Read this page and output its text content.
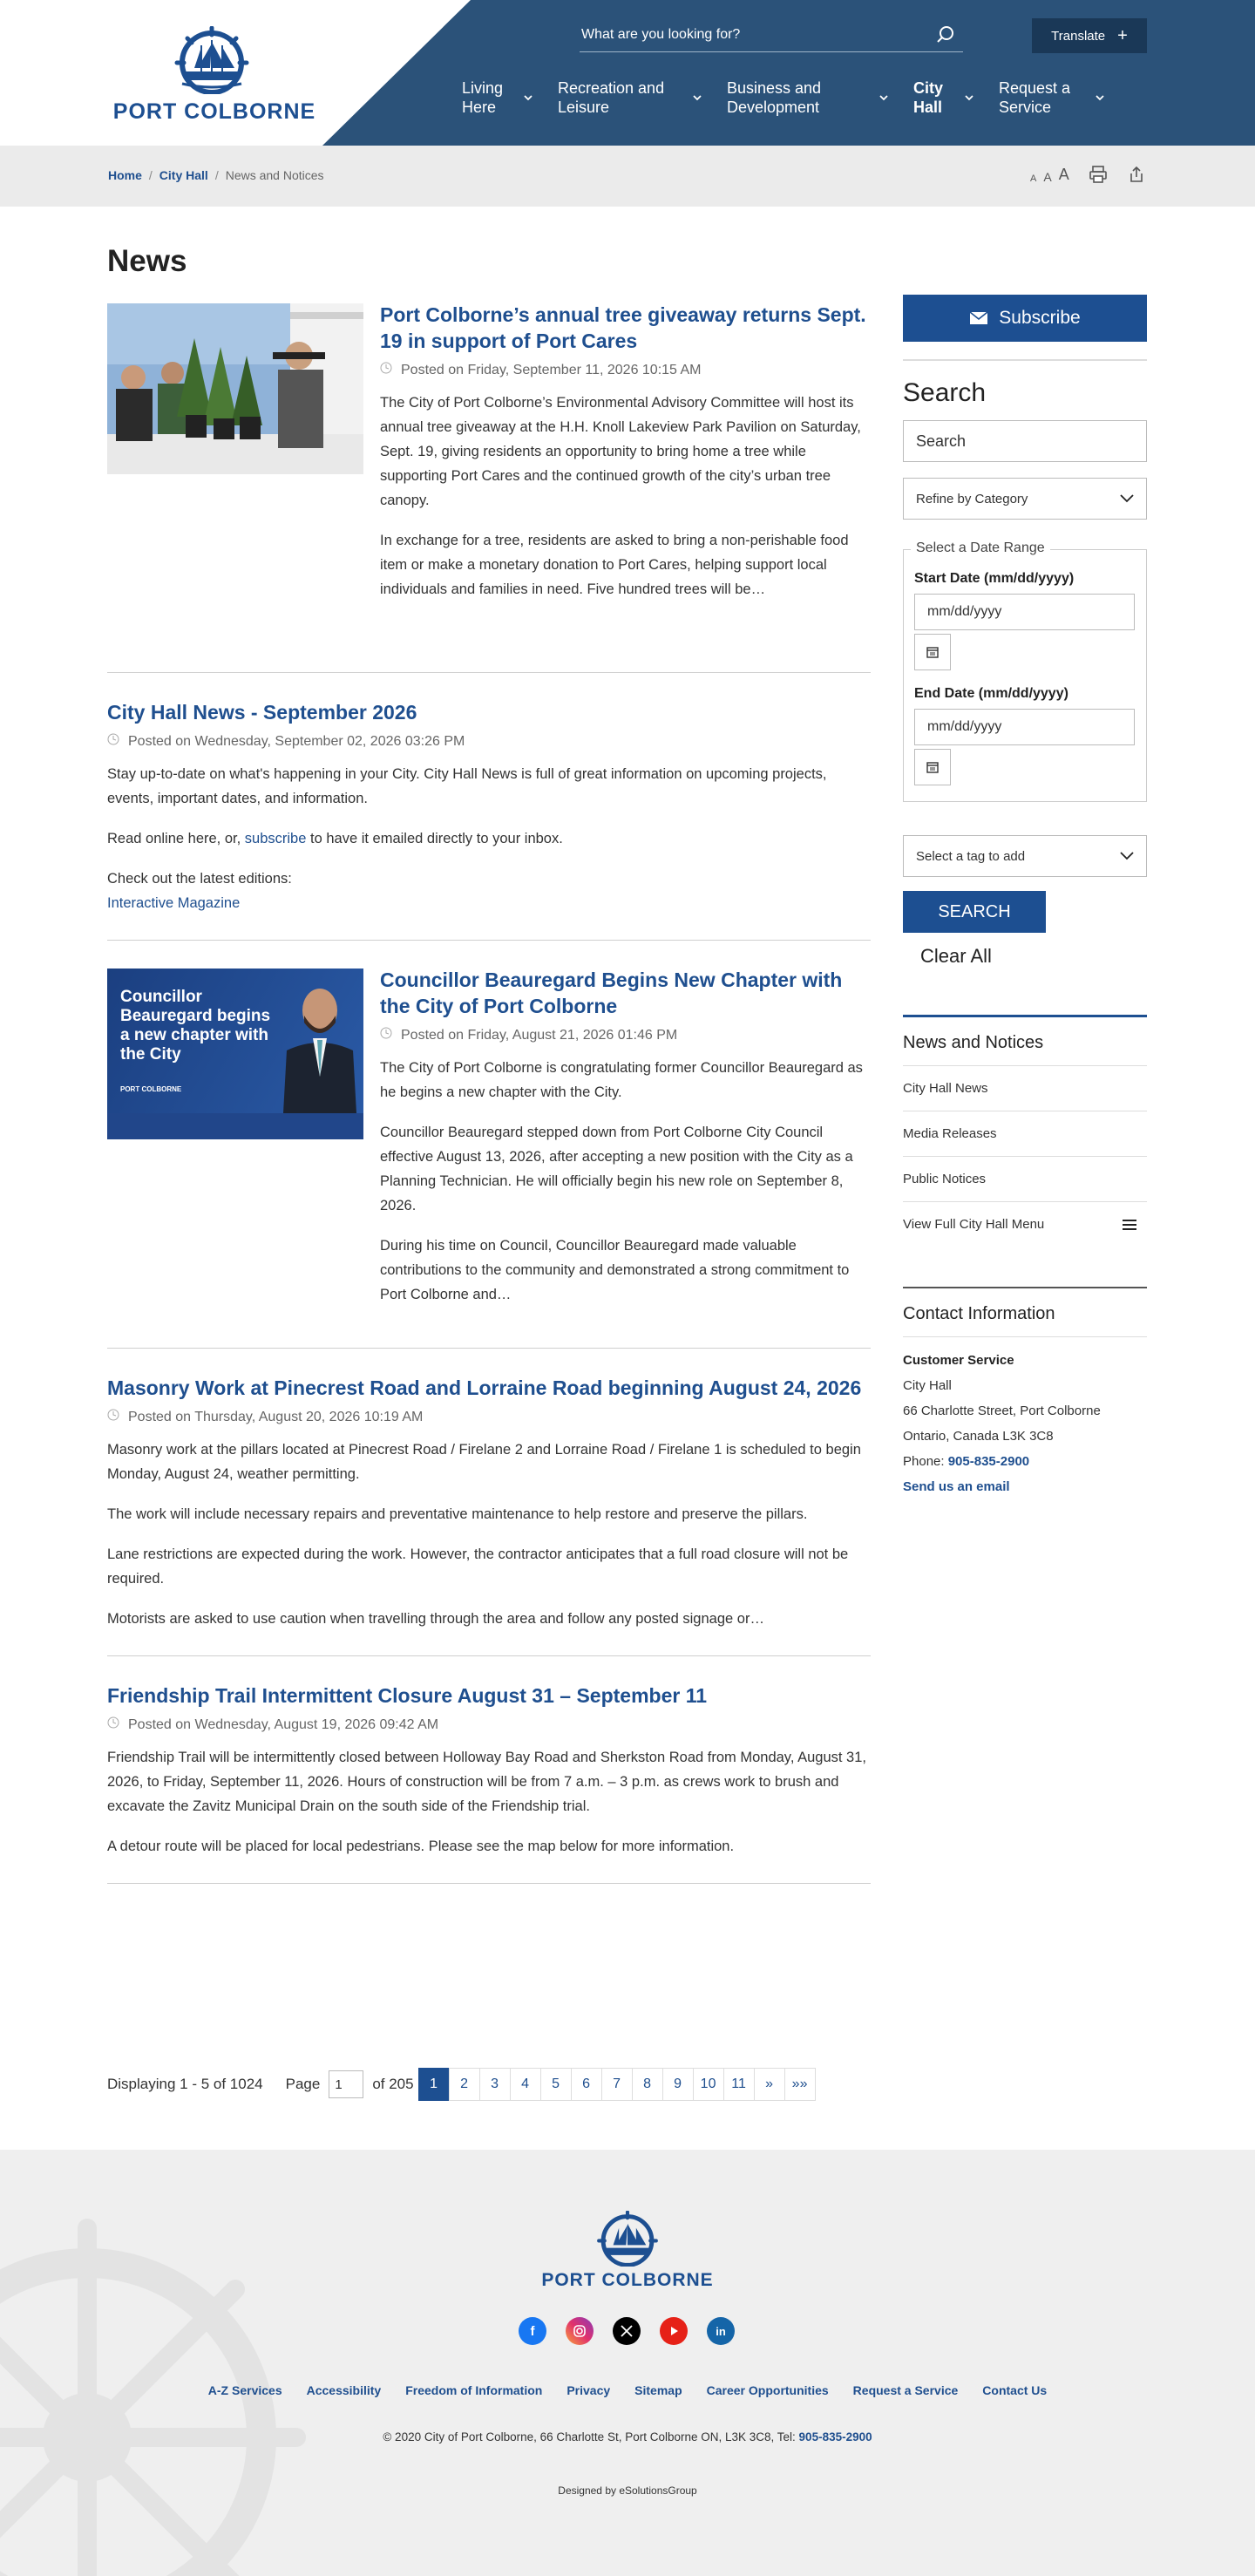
PORT COLBORNE
What are you looking for?	Translate +
Living Here
Recreation and Leisure
Business and Development
City Hall
Request a Service
Home / City Hall / News and Notices	A A A
News
Port Colborne’s annual tree giveaway returns Sept. 19 in support of Port Cares
Posted on Friday, September 11, 2026 10:15 AM

The City of Port Colborne’s Environmental Advisory Committee will host its annual tree giveaway at the H.H. Knoll Lakeview Park Pavilion on Saturday, Sept. 19, giving residents an opportunity to bring home a tree while supporting Port Cares and the continued growth of the city’s urban tree canopy.

In exchange for a tree, residents are asked to bring a non-perishable food item or make a monetary donation to Port Cares, helping support local individuals and families in need. Five hundred trees will be…

City Hall News - September 2026
Posted on Wednesday, September 02, 2026 03:26 PM

Stay up-to-date on what's happening in your City. City Hall News is full of great information on upcoming projects, events, important dates, and information.

Read online here, or, subscribe to have it emailed directly to your inbox.

Check out the latest editions:
Interactive Magazine

Councillor Beauregard begins a new chapter with the City
PORT COLBORNE
Councillor Beauregard Begins New Chapter with the City of Port Colborne
Posted on Friday, August 21, 2026 01:46 PM

The City of Port Colborne is congratulating former Councillor Beauregard as he begins a new chapter with the City.

Councillor Beauregard stepped down from Port Colborne City Council effective August 13, 2026, after accepting a new position with the City as a Planning Technician. He will officially begin his new role on September 8, 2026.

During his time on Council, Councillor Beauregard made valuable contributions to the community and demonstrated a strong commitment to Port Colborne and…

Masonry Work at Pinecrest Road and Lorraine Road beginning August 24, 2026
Posted on Thursday, August 20, 2026 10:19 AM

Masonry work at the pillars located at Pinecrest Road / Firelane 2 and Lorraine Road / Firelane 1 is scheduled to begin Monday, August 24, weather permitting.

The work will include necessary repairs and preventative maintenance to help restore and preserve the pillars.

Lane restrictions are expected during the work. However, the contractor anticipates that a full road closure will not be required.

Motorists are asked to use caution when travelling through the area and follow any posted signage or…

Friendship Trail Intermittent Closure August 31 – September 11
Posted on Wednesday, August 19, 2026 09:42 AM

Friendship Trail will be intermittently closed between Holloway Bay Road and Sherkston Road from Monday, August 31, 2026, to Friday, September 11, 2026. Hours of construction will be from 7 a.m. – 3 p.m. as crews work to brush and excavate the Zavitz Municipal Drain on the south side of the Friendship trial.

A detour route will be placed for local pedestrians. Please see the map below for more information.

Displaying 1 - 5 of 1024 Page
1	of 205	1	2	3	4	5	6	7	8	9	10	11	»	»»
Subscribe
Search
Search
Refine by Category
Select a Date Range
Start Date (mm/dd/yyyy)
mm/dd/yyyy
End Date (mm/dd/yyyy)
mm/dd/yyyy
Select a tag to add
SEARCH
Clear All
News and Notices
City Hall News
Media Releases
Public Notices
View Full City Hall Menu
Contact Information
Customer Service
City Hall
66 Charlotte Street, Port Colborne
Ontario, Canada L3K 3C8
Phone: 905-835-2900
Send us an email
PORT COLBORNE
f	in
A-Z Services Accessibility Freedom of Information Privacy Sitemap Career Opportunities Request a Service Contact Us
© 2020 City of Port Colborne, 66 Charlotte St, Port Colborne ON, L3K 3C8, Tel: 905-835-2900
Designed by eSolutionsGroup
